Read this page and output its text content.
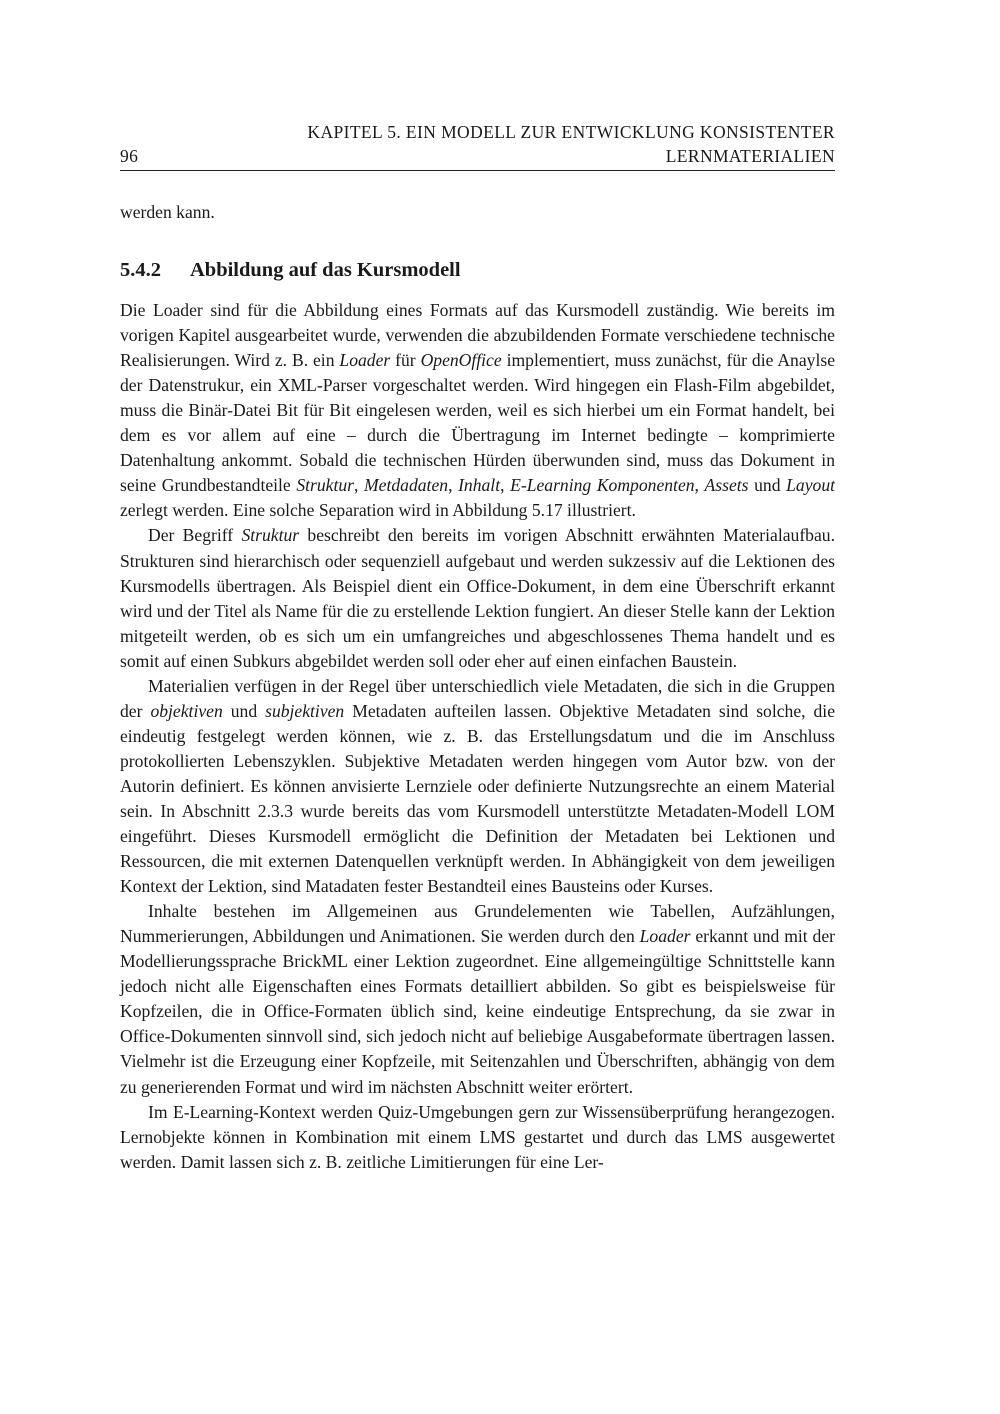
KAPITEL 5. EIN MODELL ZUR ENTWICKLUNG KONSISTENTER
96	LERNMATERIALIEN

werden kann.

5.4.2	Abbildung auf das Kursmodell

Die Loader sind für die Abbildung eines Formats auf das Kursmodell zuständig. Wie bereits im vorigen Kapitel ausgearbeitet wurde, verwenden die abzubildenden Formate verschiedene technische Realisierungen. Wird z. B. ein Loader für OpenOffice implementiert, muss zunächst, für die Anaylse der Datenstrukur, ein XML-Parser vorgeschaltet werden. Wird hingegen ein Flash-Film abgebildet, muss die Binär-Datei Bit für Bit eingelesen werden, weil es sich hierbei um ein Format handelt, bei dem es vor allem auf eine – durch die Übertragung im Internet bedingte – komprimierte Datenhaltung ankommt. Sobald die technischen Hürden überwunden sind, muss das Dokument in seine Grundbestandteile Struktur, Metdadaten, Inhalt, E-Learning Komponenten, Assets und Layout zerlegt werden. Eine solche Separation wird in Abbildung 5.17 illustriert.

Der Begriff Struktur beschreibt den bereits im vorigen Abschnitt erwähnten Materialaufbau. Strukturen sind hierarchisch oder sequenziell aufgebaut und werden sukzessiv auf die Lektionen des Kursmodells übertragen. Als Beispiel dient ein Office-Dokument, in dem eine Überschrift erkannt wird und der Titel als Name für die zu erstellende Lektion fungiert. An dieser Stelle kann der Lektion mitgeteilt werden, ob es sich um ein umfangreiches und abgeschlossenes Thema handelt und es somit auf einen Subkurs abgebildet werden soll oder eher auf einen einfachen Baustein.

Materialien verfügen in der Regel über unterschiedlich viele Metadaten, die sich in die Gruppen der objektiven und subjektiven Metadaten aufteilen lassen. Objektive Metadaten sind solche, die eindeutig festgelegt werden können, wie z. B. das Erstellungsdatum und die im Anschluss protokollierten Lebenszyklen. Subjektive Metadaten werden hingegen vom Autor bzw. von der Autorin definiert. Es können anvisierte Lernziele oder definierte Nutzungsrechte an einem Material sein. In Abschnitt 2.3.3 wurde bereits das vom Kursmodell unterstützte Metadaten-Modell LOM eingeführt. Dieses Kursmodell ermöglicht die Definition der Metadaten bei Lektionen und Ressourcen, die mit externen Datenquellen verknüpft werden. In Abhängigkeit von dem jeweiligen Kontext der Lektion, sind Matadaten fester Bestandteil eines Bausteins oder Kurses.

Inhalte bestehen im Allgemeinen aus Grundelementen wie Tabellen, Aufzählungen, Nummerierungen, Abbildungen und Animationen. Sie werden durch den Loader erkannt und mit der Modellierungssprache BrickML einer Lektion zugeordnet. Eine allgemeingültige Schnittstelle kann jedoch nicht alle Eigenschaften eines Formats detailliert abbilden. So gibt es beispielsweise für Kopfzeilen, die in Office-Formaten üblich sind, keine eindeutige Entsprechung, da sie zwar in Office-Dokumenten sinnvoll sind, sich jedoch nicht auf beliebige Ausgabeformate übertragen lassen. Vielmehr ist die Erzeugung einer Kopfzeile, mit Seitenzahlen und Überschriften, abhängig von dem zu generierenden Format und wird im nächsten Abschnitt weiter erörtert.

Im E-Learning-Kontext werden Quiz-Umgebungen gern zur Wissensüberprüfung herangezogen. Lernobjekte können in Kombination mit einem LMS gestartet und durch das LMS ausgewertet werden. Damit lassen sich z. B. zeitliche Limitierungen für eine Ler-
